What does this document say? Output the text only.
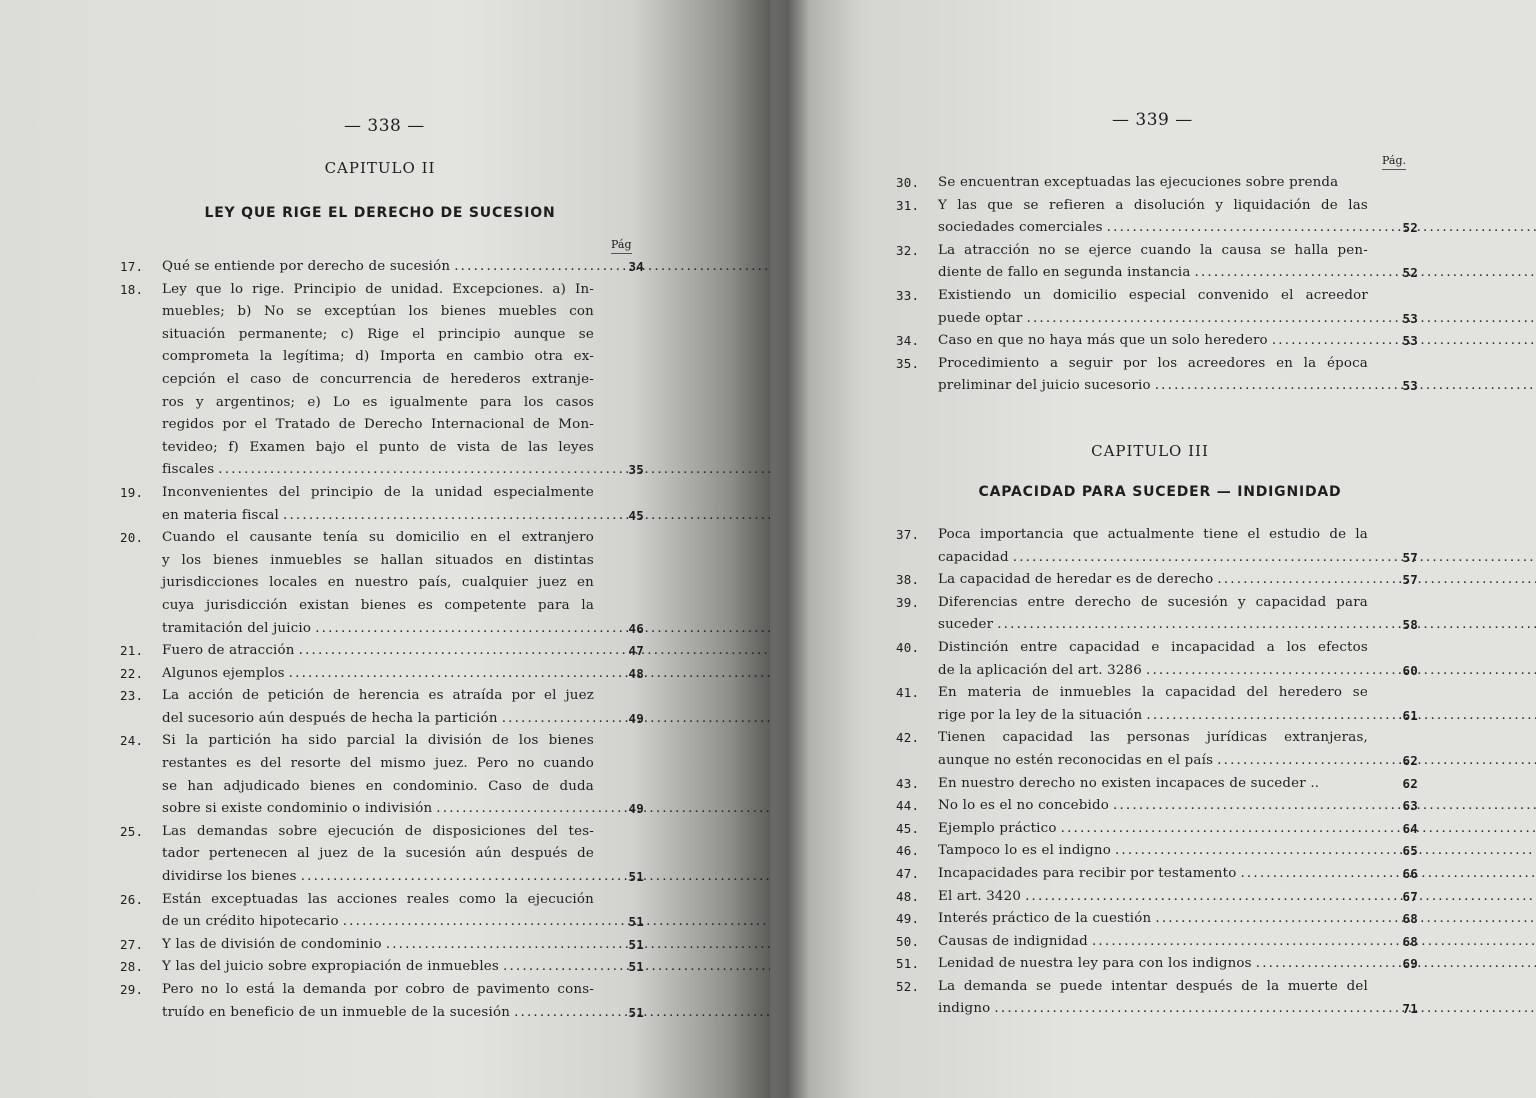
— 338 —
CAPITULO II
LEY QUE RIGE EL DERECHO DE SUCESION
Pág
17. Qué se entiende por derecho de sucesión .....	34
18. Ley que lo rige. Principio de unidad. Excepciones. a) In-
muebles; b) No se exceptúan los bienes muebles con
situación permanente; c) Rige el principio aunque se
comprometa la legítima; d) Importa en cambio otra ex-
cepción el caso de concurrencia de herederos extranje-
ros y argentinos; e) Lo es igualmente para los casos
regidos por el Tratado de Derecho Internacional de Mon-
tevideo; f) Examen bajo el punto de vista de las leyes
fiscales .....	35
19. Inconvenientes del principio de la unidad especialmente
en materia fiscal .....	45
20. Cuando el causante tenía su domicilio en el extranjero
y los bienes inmuebles se hallan situados en distintas
jurisdicciones locales en nuestro país, cualquier juez en
cuya jurisdicción existan bienes es competente para la
tramitación del juicio .....	46
21. Fuero de atracción .....	47
22. Algunos ejemplos .....	48
23. La acción de petición de herencia es atraída por el juez
del sucesorio aún después de hecha la partición .....	49
24. Si la partición ha sido parcial la división de los bienes
restantes es del resorte del mismo juez. Pero no cuando
se han adjudicado bienes en condominio. Caso de duda
sobre si existe condominio o indivisión .....	49
25. Las demandas sobre ejecución de disposiciones del tes-
tador pertenecen al juez de la sucesión aún después de
dividirse los bienes .....	51
26. Están exceptuadas las acciones reales como la ejecución
de un crédito hipotecario .....	51
27. Y las de división de condominio .....	51
28. Y las del juicio sobre expropiación de inmuebles .....	51
29. Pero no lo está la demanda por cobro de pavimento cons-
truído en beneficio de un inmueble de la sucesión .....	51
— 339 —
Pág.
30. Se encuentran exceptuadas las ejecuciones sobre prenda
31. Y las que se refieren a disolución y liquidación de las
sociedades comerciales .....	52
32. La atracción no se ejerce cuando la causa se halla pen-
diente de fallo en segunda instancia .....	52
33. Existiendo un domicilio especial convenido el acreedor
puede optar .....	53
34. Caso en que no haya más que un solo heredero .....	53
35. Procedimiento a seguir por los acreedores en la época
preliminar del juicio sucesorio .....	53
CAPITULO III
CAPACIDAD PARA SUCEDER — INDIGNIDAD
37. Poca importancia que actualmente tiene el estudio de la
capacidad .....	57
38. La capacidad de heredar es de derecho .....	57
39. Diferencias entre derecho de sucesión y capacidad para
suceder .....	58
40. Distinción entre capacidad e incapacidad a los efectos
de la aplicación del art. 3286 .....	60
41. En materia de inmuebles la capacidad del heredero se
rige por la ley de la situación .....	61
42. Tienen capacidad las personas jurídicas extranjeras,
aunque no estén reconocidas en el país .....	62
43. En nuestro derecho no existen incapaces de suceder ..	62
44. No lo es el no concebido .....	63
45. Ejemplo práctico .....	64
46. Tampoco lo es el indigno .....	65
47. Incapacidades para recibir por testamento .....	66
48. El art. 3420 .....	67
49. Interés práctico de la cuestión .....	68
50. Causas de indignidad .....	68
51. Lenidad de nuestra ley para con los indignos .....	69
52. La demanda se puede intentar después de la muerte del
indigno .....	71
